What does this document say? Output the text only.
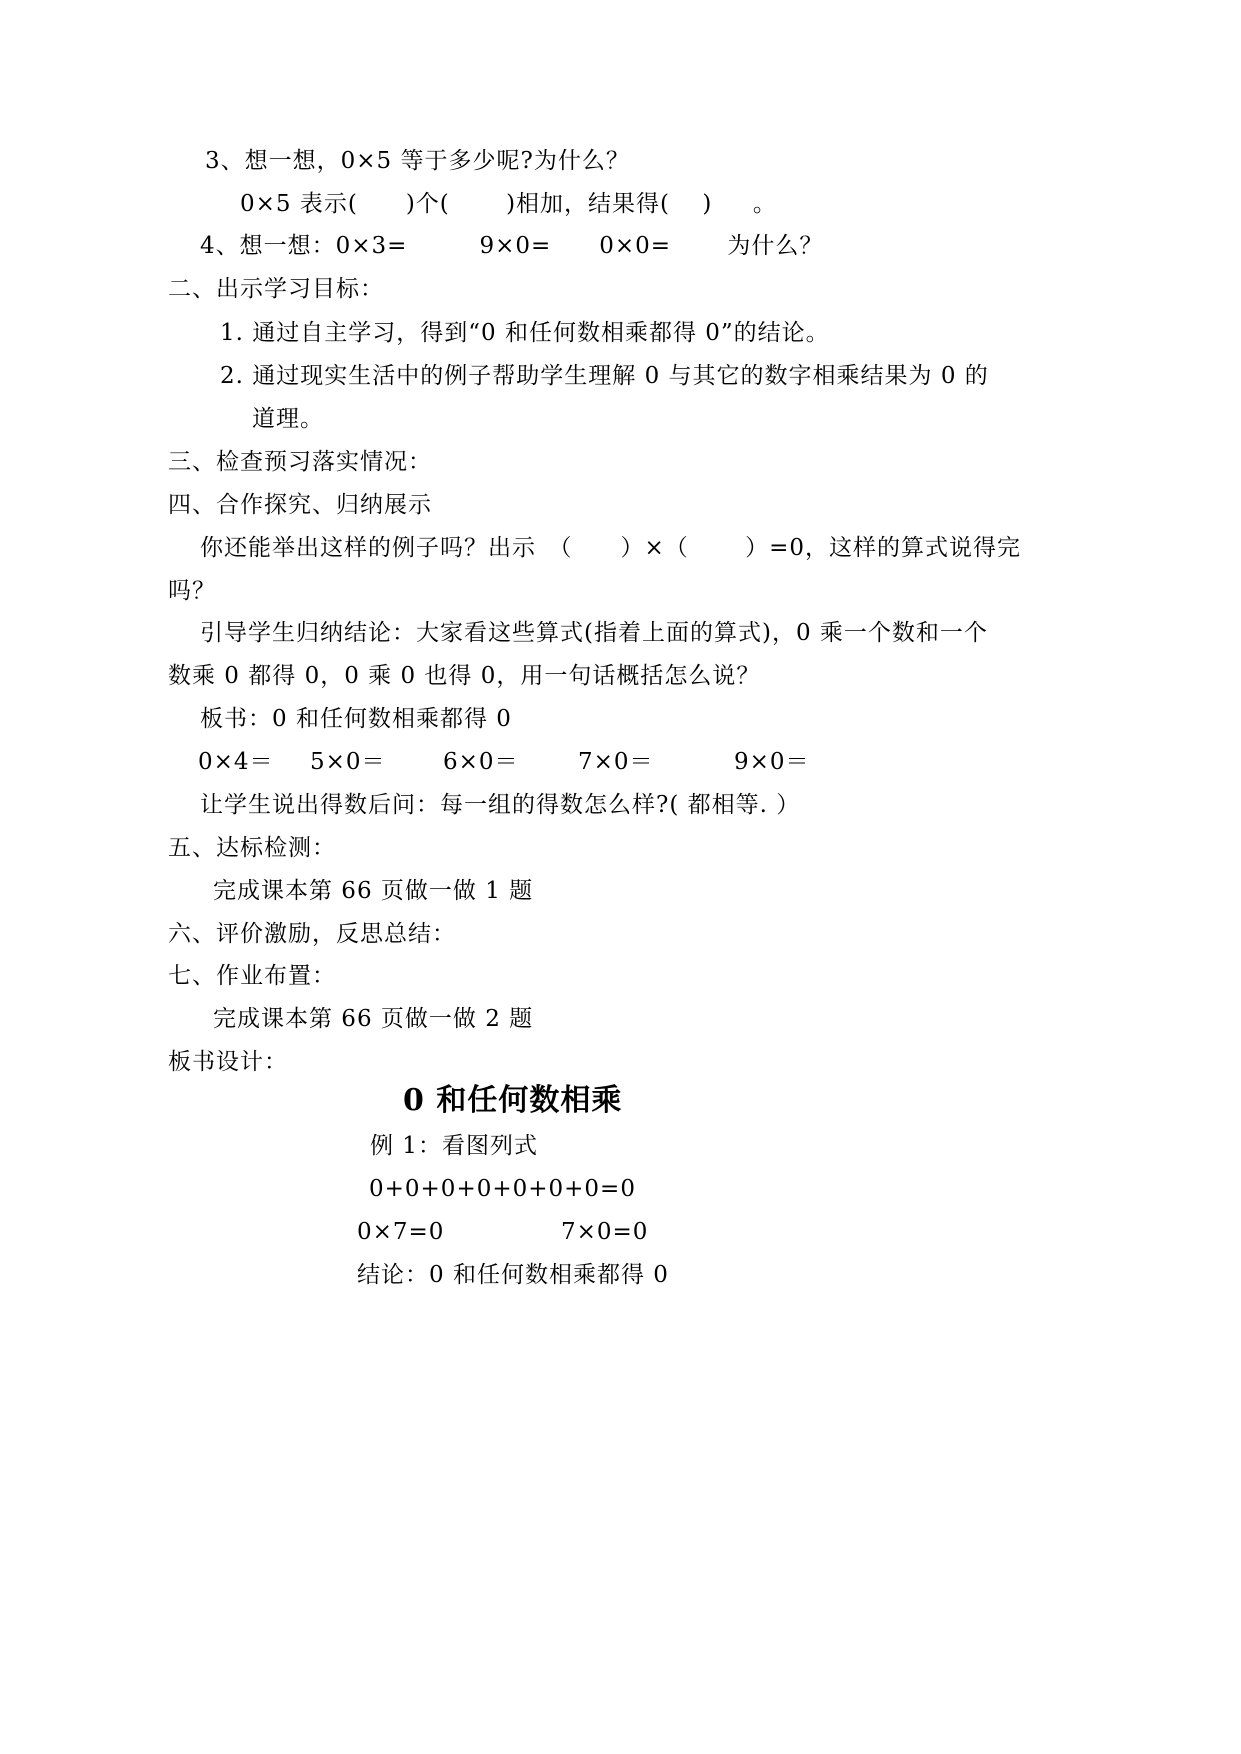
3、想一想，0×5 等于多少呢?为什么？
0×5 表示(　　)个(　　 )相加，结果得(　 )　  。
4、想一想：0×3=　　　9×0=　　0×0=　　 为什么？
二、出示学习目标：
1. 通过自主学习，得到“0 和任何数相乘都得 0”的结论。
2. 通过现实生活中的例子帮助学生理解 0 与其它的数字相乘结果为 0 的
道理。
三、检查预习落实情况：
四、合作探究、归纳展示
你还能举出这样的例子吗？出示　（　　）×（　　 ）=0，这样的算式说得完
吗？
引导学生归纳结论：大家看这些算式(指着上面的算式)，0 乘一个数和一个
数乘 0 都得 0，0 乘 0 也得 0，用一句话概括怎么说？
板书：0 和任何数相乘都得 0
0×4＝ 5×0＝ 6×0＝	7×0＝	9×0＝
让学生说出得数后问：每一组的得数怎么样?( 都相等. ）
五、达标检测：
完成课本第 66 页做一做 1 题
六、评价激励，反思总结：
七、作业布置：
完成课本第 66 页做一做 2 题
板书设计：
0 和任何数相乘
例 1：看图列式
0+0+0+0+0+0+0=0
0×7=0	7×0=0
结论：0 和任何数相乘都得 0
